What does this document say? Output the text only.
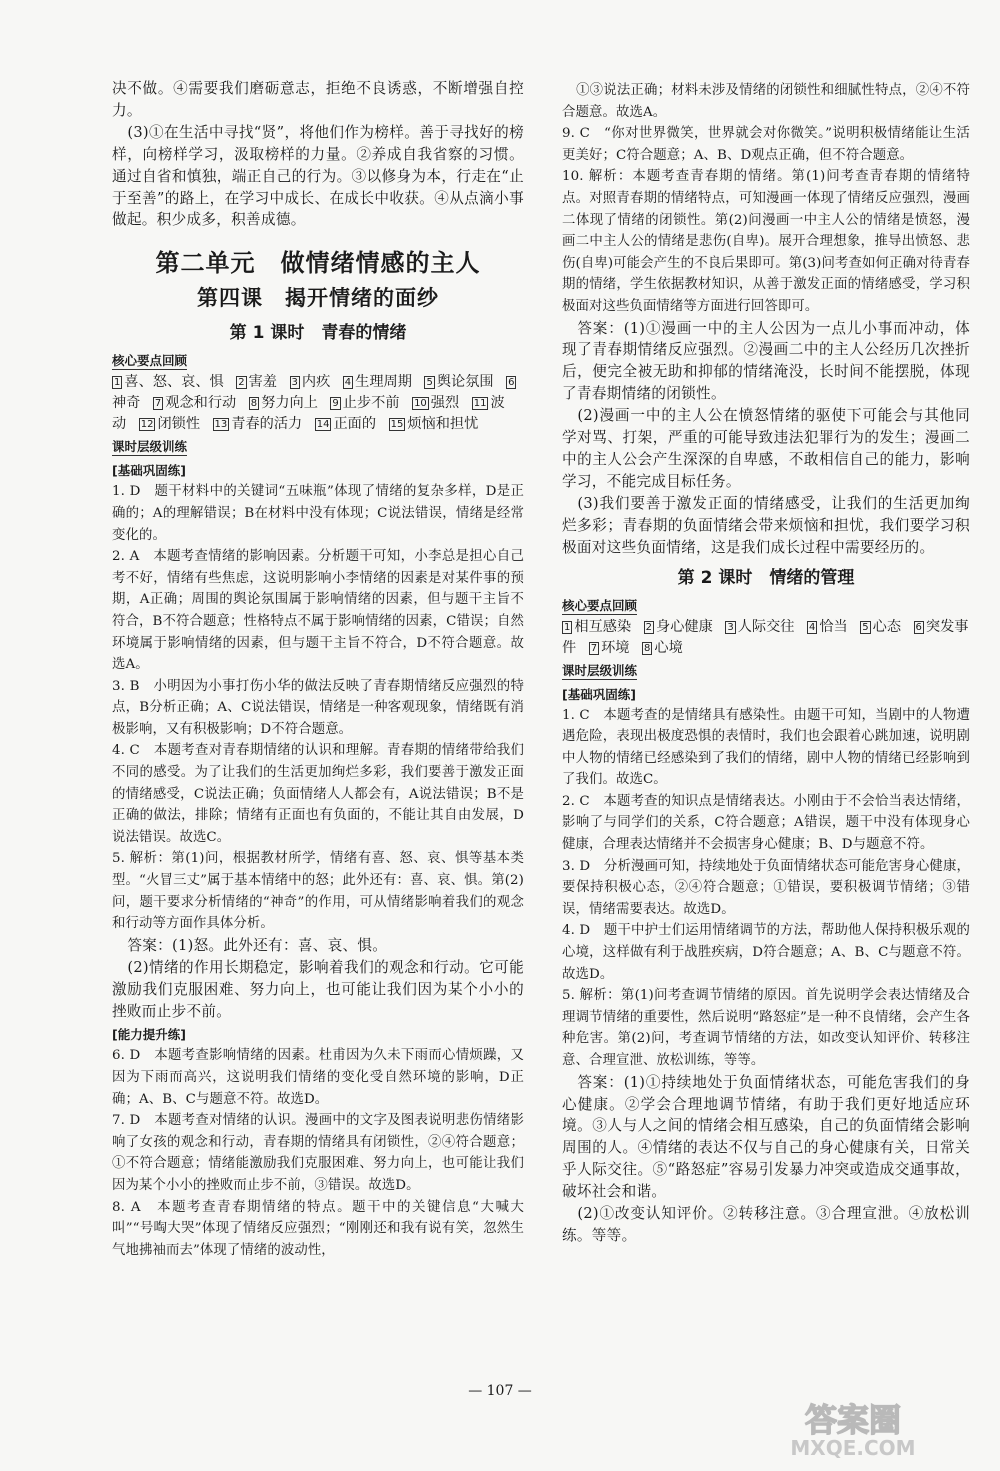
决不做。④需要我们磨砺意志，拒绝不良诱惑，不断增强自控力。

(3)①在生活中寻找“贤”，将他们作为榜样。善于寻找好的榜样，向榜样学习，汲取榜样的力量。②养成自我省察的习惯。通过自省和慎独，端正自己的行为。③以修身为本，行走在“止于至善”的路上，在学习中成长、在成长中收获。④从点滴小事做起。积少成多，积善成德。

第二单元　做情绪情感的主人
第四课　揭开情绪的面纱
第 1 课时　青春的情绪
核心要点回顾
1 喜、怒、哀、惧 2 害羞 3 内疚 4 生理周期 5 舆论氛围 6神奇 7 观念和行动 8 努力向上 9 止步不前 10 强烈 11 波动 12 闭锁性 13 青春的活力 14 正面的 15 烦恼和担忧
课时层级训练
[基础巩固练]

1. D　题干材料中的关键词“五味瓶”体现了情绪的复杂多样，D是正确的；A的理解错误；B在材料中没有体现；C说法错误，情绪是经常变化的。

2. A　本题考查情绪的影响因素。分析题干可知，小李总是担心自己考不好，情绪有些焦虑，这说明影响小李情绪的因素是对某件事的预期，A正确；周围的舆论氛围属于影响情绪的因素，但与题干主旨不符合，B不符合题意；性格特点不属于影响情绪的因素，C错误；自然环境属于影响情绪的因素，但与题干主旨不符合，D不符合题意。故选A。

3. B　小明因为小事打伤小华的做法反映了青春期情绪反应强烈的特点，B分析正确；A、C说法错误，情绪是一种客观现象，情绪既有消极影响，又有积极影响；D不符合题意。

4. C　本题考查对青春期情绪的认识和理解。青春期的情绪带给我们不同的感受。为了让我们的生活更加绚烂多彩，我们要善于激发正面的情绪感受，C说法正确；负面情绪人人都会有，A说法错误；B不是正确的做法，排除；情绪有正面也有负面的，不能让其自由发展，D说法错误。故选C。

5. 解析：第(1)问，根据教材所学，情绪有喜、怒、哀、惧等基本类型。“火冒三丈”属于基本情绪中的怒；此外还有：喜、哀、惧。第(2)问，题干要求分析情绪的“神奇”的作用，可从情绪影响着我们的观念和行动等方面作具体分析。

答案：(1)怒。此外还有：喜、哀、惧。

(2)情绪的作用长期稳定，影响着我们的观念和行动。它可能激励我们克服困难、努力向上，也可能让我们因为某个小小的挫败而止步不前。

[能力提升练]

6. D　本题考查影响情绪的因素。杜甫因为久未下雨而心情烦躁，又因为下雨而高兴，这说明我们情绪的变化受自然环境的影响，D正确；A、B、C与题意不符。故选D。

7. D　本题考查对情绪的认识。漫画中的文字及图表说明悲伤情绪影响了女孩的观念和行动，青春期的情绪具有闭锁性，②④符合题意；①不符合题意；情绪能激励我们克服困难、努力向上，也可能让我们因为某个小小的挫败而止步不前，③错误。故选D。

8. A　本题考查青春期情绪的特点。题干中的关键信息“大喊大叫”“号啕大哭”体现了情绪反应强烈；“刚刚还和我有说有笑，忽然生气地拂袖而去”体现了情绪的波动性，

①③说法正确；材料未涉及情绪的闭锁性和细腻性特点，②④不符合题意。故选A。

9. C　“你对世界微笑，世界就会对你微笑。”说明积极情绪能让生活更美好；C符合题意；A、B、D观点正确，但不符合题意。

10. 解析：本题考查青春期的情绪。第(1)问考查青春期的情绪特点。对照青春期的情绪特点，可知漫画一体现了情绪反应强烈，漫画二体现了情绪的闭锁性。第(2)问漫画一中主人公的情绪是愤怒，漫画二中主人公的情绪是悲伤(自卑)。展开合理想象，推导出愤怒、悲伤(自卑)可能会产生的不良后果即可。第(3)问考查如何正确对待青春期的情绪，学生依据教材知识，从善于激发正面的情绪感受，学习积极面对这些负面情绪等方面进行回答即可。

答案：(1)①漫画一中的主人公因为一点儿小事而冲动，体现了青春期情绪反应强烈。②漫画二中的主人公经历几次挫折后，便完全被无助和抑郁的情绪淹没，长时间不能摆脱，体现了青春期情绪的闭锁性。

(2)漫画一中的主人公在愤怒情绪的驱使下可能会与其他同学对骂、打架，严重的可能导致违法犯罪行为的发生；漫画二中的主人公会产生深深的自卑感，不敢相信自己的能力，影响学习，不能完成目标任务。

(3)我们要善于激发正面的情绪感受，让我们的生活更加绚烂多彩；青春期的负面情绪会带来烦恼和担忧，我们要学习积极面对这些负面情绪，这是我们成长过程中需要经历的。

第 2 课时　情绪的管理
核心要点回顾
1 相互感染 2 身心健康 3 人际交往 4 恰当 5 心态 6 突发事件 7 环境 8 心境
课时层级训练
[基础巩固练]

1. C　本题考查的是情绪具有感染性。由题干可知，当剧中的人物遭遇危险，表现出极度恐惧的表情时，我们也会跟着心跳加速，说明剧中人物的情绪已经感染到了我们的情绪，剧中人物的情绪已经影响到了我们。故选C。

2. C　本题考查的知识点是情绪表达。小刚由于不会恰当表达情绪，影响了与同学们的关系，C符合题意；A错误，题干中没有体现身心健康，合理表达情绪并不会损害身心健康；B、D与题意不符。

3. D　分析漫画可知，持续地处于负面情绪状态可能危害身心健康，要保持积极心态，②④符合题意；①错误，要积极调节情绪；③错误，情绪需要表达。故选D。

4. D　题干中护士们运用情绪调节的方法，帮助他人保持积极乐观的心境，这样做有利于战胜疾病，D符合题意；A、B、C与题意不符。故选D。

5. 解析：第(1)问考查调节情绪的原因。首先说明学会表达情绪及合理调节情绪的重要性，然后说明“路怒症”是一种不良情绪，会产生各种危害。第(2)问，考查调节情绪的方法，如改变认知评价、转移注意、合理宣泄、放松训练，等等。

答案：(1)①持续地处于负面情绪状态，可能危害我们的身心健康。②学会合理地调节情绪，有助于我们更好地适应环境。③人与人之间的情绪会相互感染，自己的负面情绪会影响周围的人。④情绪的表达不仅与自己的身心健康有关，日常关乎人际交往。⑤“路怒症”容易引发暴力冲突或造成交通事故，破坏社会和谐。

(2)①改变认知评价。②转移注意。③合理宣泄。④放松训练。等等。

— 107 —
答案圈
MXQE.COM
